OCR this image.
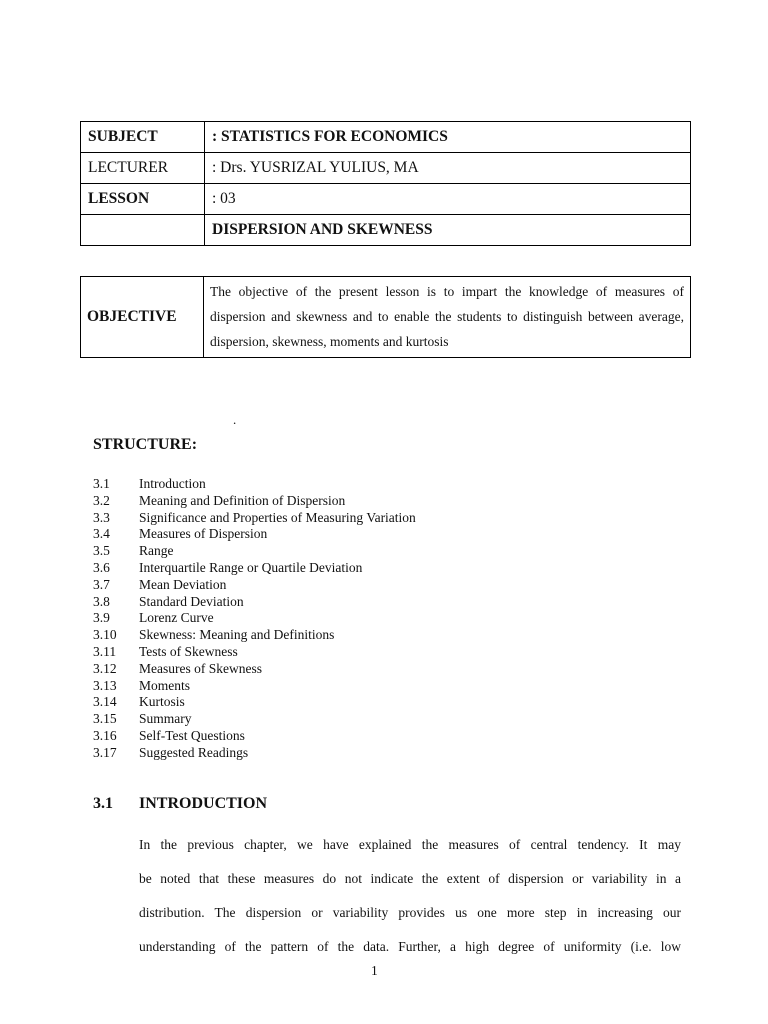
SUBJECT	: STATISTICS FOR ECONOMICS
LECTURER	: Drs. YUSRIZAL YULIUS, MA
LESSON	: 03
	DISPERSION AND SKEWNESS
OBJECTIVE	The objective of the present lesson is to impart the knowledge of measures of dispersion and skewness and to enable the students to distinguish between average, dispersion, skewness, moments and kurtosis
.
STRUCTURE:
3.1	Introduction
3.2	Meaning and Definition of Dispersion
3.3	Significance and Properties of Measuring Variation
3.4	Measures of Dispersion
3.5	Range
3.6	Interquartile Range or Quartile Deviation
3.7	Mean Deviation
3.8	Standard Deviation
3.9	Lorenz Curve
3.10	Skewness: Meaning and Definitions
3.11	Tests of Skewness
3.12	Measures of Skewness
3.13	Moments
3.14	Kurtosis
3.15	Summary
3.16	Self-Test Questions
3.17	Suggested Readings
3.1	INTRODUCTION
In the previous chapter, we have explained the measures of central tendency. It may
be noted that these measures do not indicate the extent of dispersion or variability in a
distribution. The dispersion or variability provides us one more step in increasing our
understanding of the pattern of the data. Further, a high degree of uniformity (i.e. low
1
